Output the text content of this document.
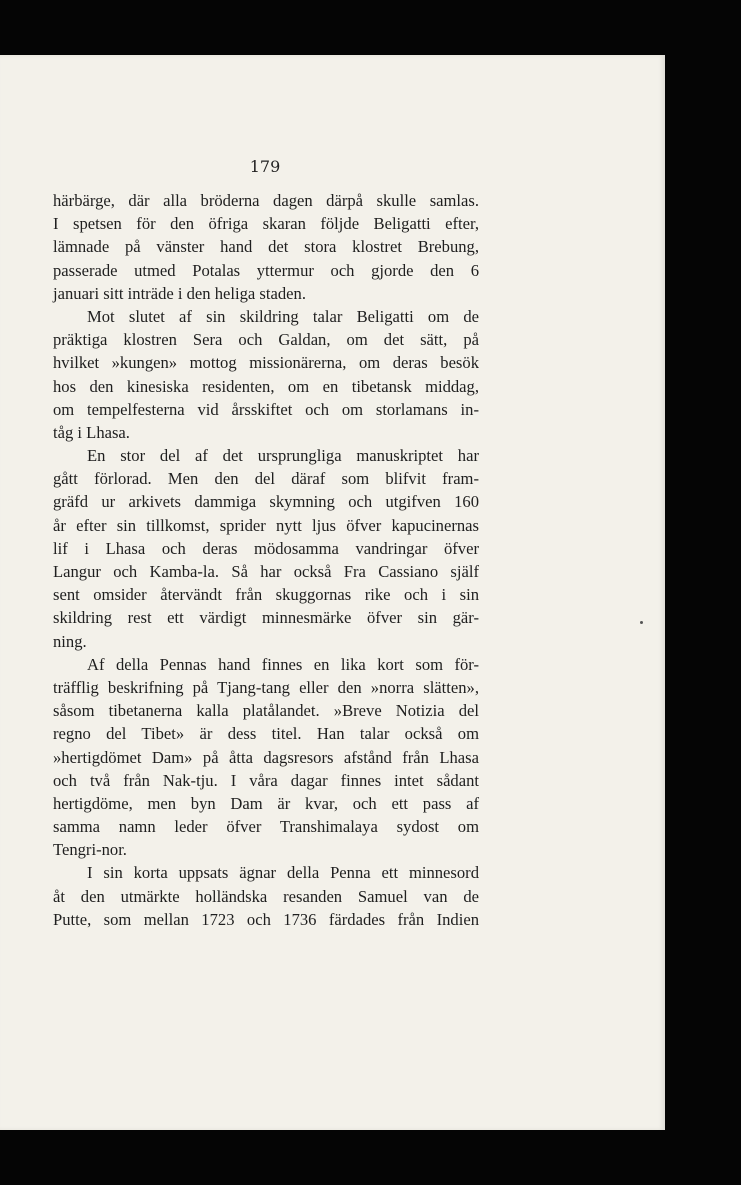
179
härbärge, där alla bröderna dagen därpå skulle samlas.
I spetsen för den öfriga skaran följde Beligatti efter,
lämnade på vänster hand det stora klostret Brebung,
passerade utmed Potalas yttermur och gjorde den 6
januari sitt inträde i den heliga staden.
Mot slutet af sin skildring talar Beligatti om de
präktiga klostren Sera och Galdan, om det sätt, på
hvilket »kungen» mottog missionärerna, om deras besök
hos den kinesiska residenten, om en tibetansk middag,
om tempelfesterna vid årsskiftet och om storlamans in-
tåg i Lhasa.
En stor del af det ursprungliga manuskriptet har
gått förlorad. Men den del däraf som blifvit fram-
gräfd ur arkivets dammiga skymning och utgifven 160
år efter sin tillkomst, sprider nytt ljus öfver kapucinernas
lif i Lhasa och deras mödosamma vandringar öfver
Langur och Kamba-la. Så har också Fra Cassiano själf
sent omsider återvändt från skuggornas rike och i sin
skildring rest ett värdigt minnesmärke öfver sin gär-
ning.
Af della Pennas hand finnes en lika kort som för-
träfflig beskrifning på Tjang-tang eller den »norra slätten»,
såsom tibetanerna kalla platålandet. »Breve Notizia del
regno del Tibet» är dess titel. Han talar också om
»hertigdömet Dam» på åtta dagsresors afstånd från Lhasa
och två från Nak-tju. I våra dagar finnes intet sådant
hertigdöme, men byn Dam är kvar, och ett pass af
samma namn leder öfver Transhimalaya sydost om
Tengri-nor.
I sin korta uppsats ägnar della Penna ett minnesord
åt den utmärkte holländska resanden Samuel van de
Putte, som mellan 1723 och 1736 färdades från Indien
